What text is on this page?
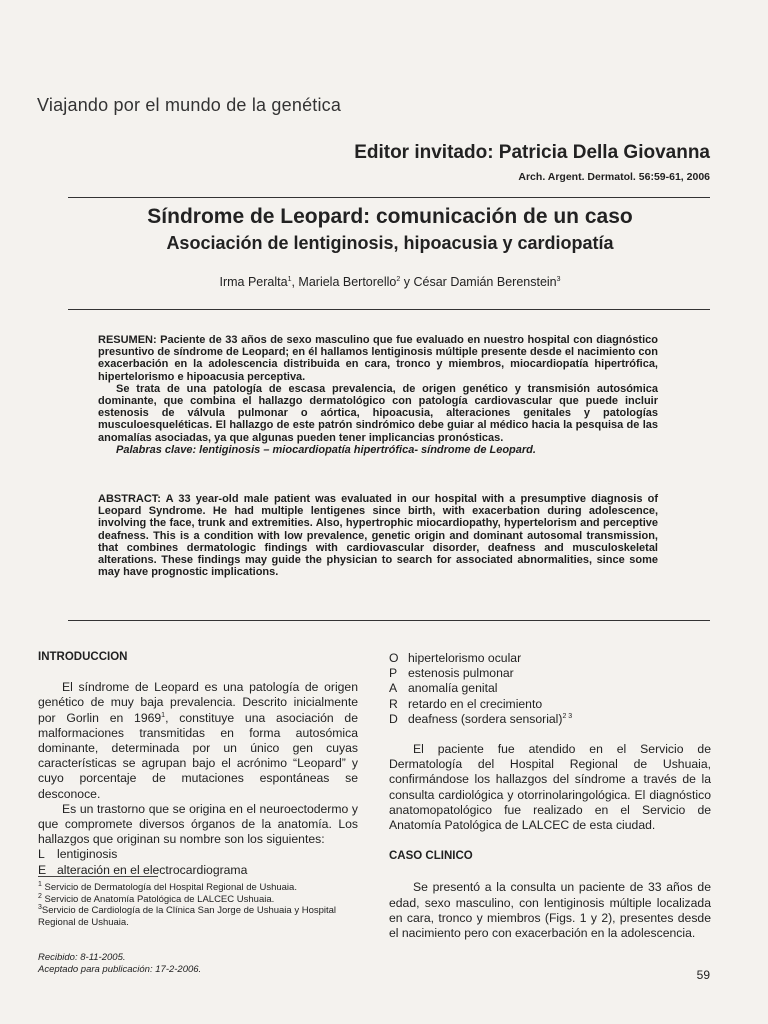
Viajando por el mundo de la genética
Editor invitado: Patricia Della Giovanna
Arch. Argent. Dermatol. 56:59-61, 2006
Síndrome de Leopard: comunicación de un caso
Asociación de lentiginosis, hipoacusia y cardiopatía
Irma Peralta$^1$, Mariela Bertorello$^2$ y César Damián Berenstein$^3$

RESUMEN: Paciente de 33 años de sexo masculino que fue evaluado en nuestro hospital con diagnóstico presuntivo de síndrome de Leopard; en él hallamos lentiginosis múltiple presente desde el nacimiento con exacerbación en la adolescencia distribuida en cara, tronco y miembros, miocardiopatía hipertrófica, hipertelorismo e hipoacusia perceptiva.

Se trata de una patología de escasa prevalencia, de origen genético y transmisión autosómica dominante, que combina el hallazgo dermatológico con patología cardiovascular que puede incluir estenosis de válvula pulmonar o aórtica, hipoacusia, alteraciones genitales y patologías musculoesqueléticas. El hallazgo de este patrón sindrómico debe guiar al médico hacia la pesquisa de las anomalías asociadas, ya que algunas pueden tener implicancias pronósticas.

Palabras clave: lentiginosis – miocardiopatía hipertrófica- síndrome de Leopard.

ABSTRACT: A 33 year-old male patient was evaluated in our hospital with a presumptive diagnosis of Leopard Syndrome. He had multiple lentigenes since birth, with exacerbation during adolescence, involving the face, trunk and extremities. Also, hypertrophic miocardiopathy, hypertelorism and perceptive deafness. This is a condition with low prevalence, genetic origin and dominant autosomal transmission, that combines dermatologic findings with cardiovascular disorder, deafness and musculoskeletal alterations. These findings may guide the physician to search for associated abnormalities, since some may have prognostic implications.

INTRODUCCION

El síndrome de Leopard es una patología de origen genético de muy baja prevalencia. Descrito inicialmente por Gorlin en 1969$^1$, constituye una asociación de malformaciones transmitidas en forma autosómica dominante, determinada por un único gen cuyas características se agrupan bajo el acrónimo “Leopard” y cuyo porcentaje de mutaciones espontáneas se desconoce.

Es un trastorno que se origina en el neuroectodermo y que compromete diversos órganos de la anatomía. Los hallazgos que originan su nombre son los siguientes:

L	lentiginosis
E alteración en el electrocardiograma

$^1$ Servicio de Dermatología del Hospital Regional de Ushuaia.

$^2$ Servicio de Anatomía Patológica de LALCEC Ushuaia.

$^3$Servicio de Cardiología de la Clínica San Jorge de Ushuaia y Hospital Regional de Ushuaia.

Recibido: 8-11-2005.

Aceptado para publicación: 17-2-2006.

O hipertelorismo ocular
P estenosis pulmonar
A anomalía genital
R retardo en el crecimiento
D deafness (sordera sensorial)$^{2 3}$

El paciente fue atendido en el Servicio de Dermatología del Hospital Regional de Ushuaia, confirmándose los hallazgos del síndrome a través de la consulta cardiológica y otorrinolaringológica. El diagnóstico anatomopatológico fue realizado en el Servicio de Anatomía Patológica de LALCEC de esta ciudad.

CASO CLINICO

Se presentó a la consulta un paciente de 33 años de edad, sexo masculino, con lentiginosis múltiple localizada en cara, tronco y miembros (Figs. 1 y 2), presentes desde el nacimiento pero con exacerbación en la adolescencia.

59
